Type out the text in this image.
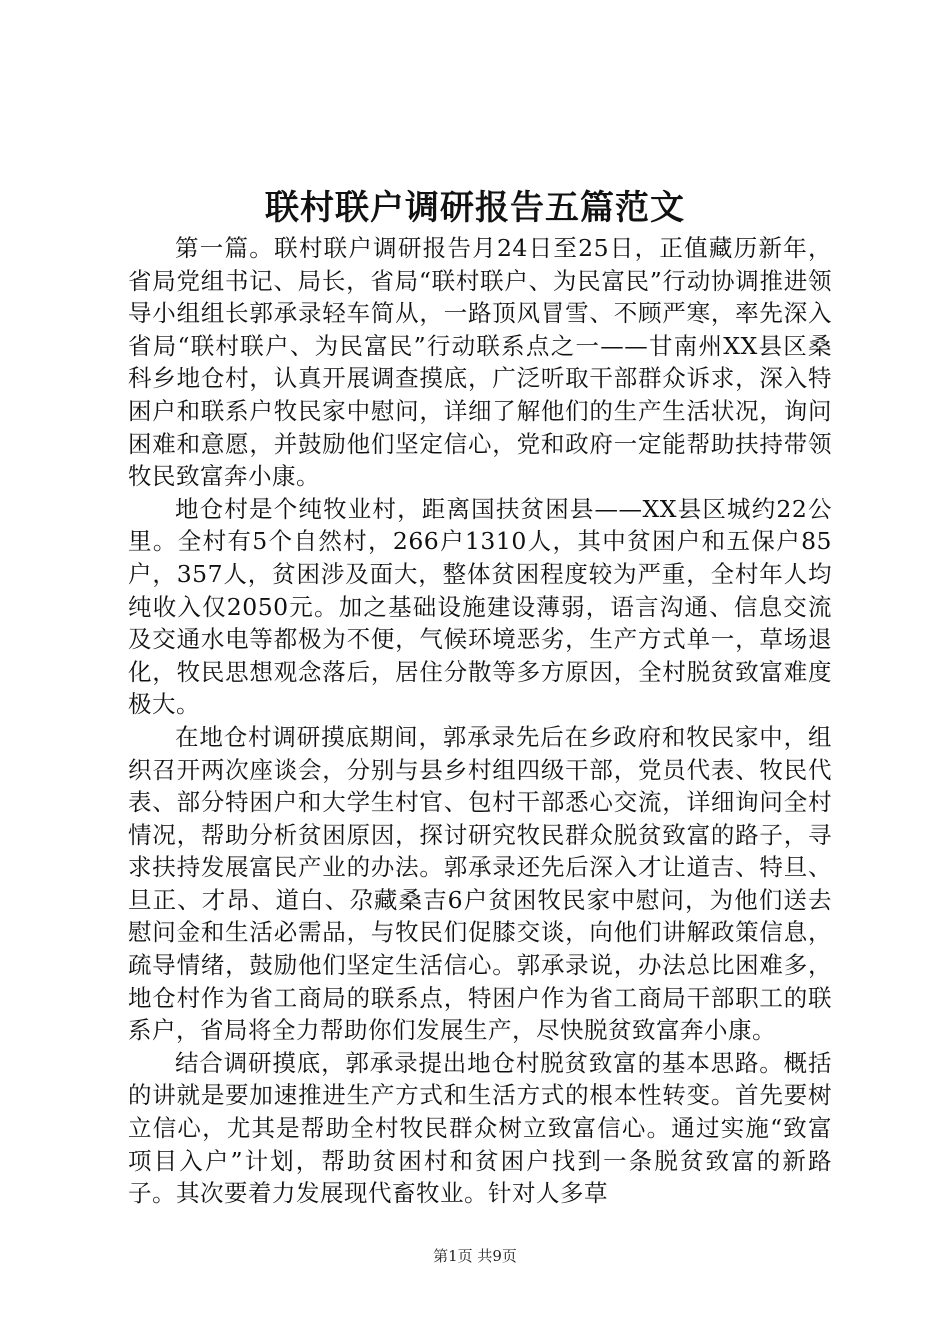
联村联户调研报告五篇范文

第一篇。联村联户调研报告月24日至25日，正值藏历新年，省局党组书记、局长，省局“联村联户、为民富民”行动协调推进领导小组组长郭承录轻车简从，一路顶风冒雪、不顾严寒，率先深入省局“联村联户、为民富民”行动联系点之一——甘南州XX县区桑科乡地仓村，认真开展调查摸底，广泛听取干部群众诉求，深入特困户和联系户牧民家中慰问，详细了解他们的生产生活状况，询问困难和意愿，并鼓励他们坚定信心，党和政府一定能帮助扶持带领牧民致富奔小康。

地仓村是个纯牧业村，距离国扶贫困县——XX县区城约22公里。全村有5个自然村，266户1310人，其中贫困户和五保户85户，357人，贫困涉及面大，整体贫困程度较为严重，全村年人均纯收入仅2050元。加之基础设施建设薄弱，语言沟通、信息交流及交通水电等都极为不便，气候环境恶劣，生产方式单一，草场退化，牧民思想观念落后，居住分散等多方原因，全村脱贫致富难度极大。

在地仓村调研摸底期间，郭承录先后在乡政府和牧民家中，组织召开两次座谈会，分别与县乡村组四级干部，党员代表、牧民代表、部分特困户和大学生村官、包村干部悉心交流，详细询问全村情况，帮助分析贫困原因，探讨研究牧民群众脱贫致富的路子，寻求扶持发展富民产业的办法。郭承录还先后深入才让道吉、特旦、旦正、才昂、道白、尕藏桑吉6户贫困牧民家中慰问，为他们送去慰问金和生活必需品，与牧民们促膝交谈，向他们讲解政策信息，疏导情绪，鼓励他们坚定生活信心。郭承录说，办法总比困难多，地仓村作为省工商局的联系点，特困户作为省工商局干部职工的联系户，省局将全力帮助你们发展生产，尽快脱贫致富奔小康。

结合调研摸底，郭承录提出地仓村脱贫致富的基本思路。概括的讲就是要加速推进生产方式和生活方式的根本性转变。首先要树立信心，尤其是帮助全村牧民群众树立致富信心。通过实施“致富项目入户”计划，帮助贫困村和贫困户找到一条脱贫致富的新路子。其次要着力发展现代畜牧业。针对人多草

第1页 共9页
